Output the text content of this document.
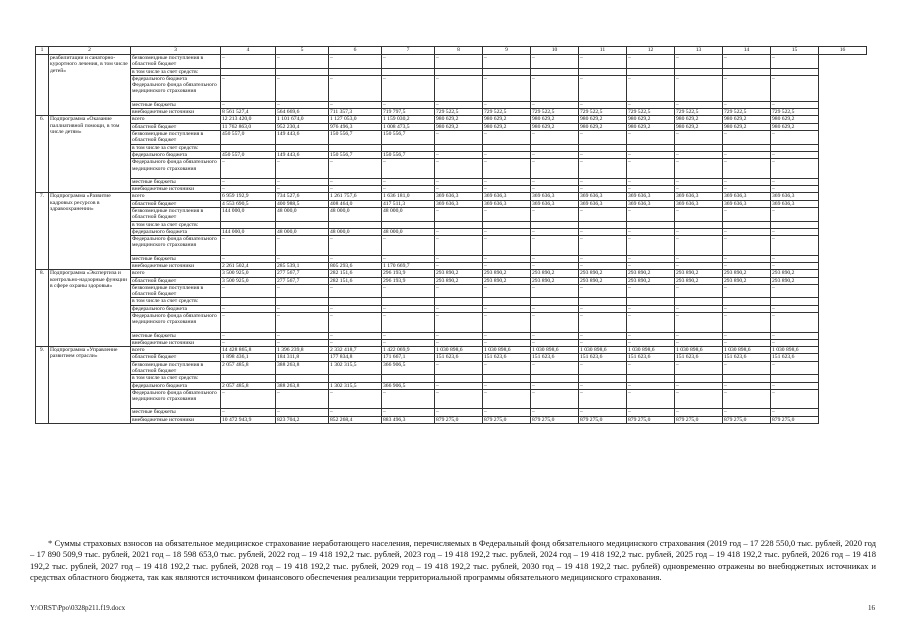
1	2	3	4	5	6	7	8	9	10	11	12	13	14	15	16
	реабилитации и санаторно-курортного лечения, в том числе детей»	безвозмездные поступления в областной бюджет	–	–	–	–	–	–	–	–	–	–	–	–	
		в том числе за счет средств:													
		федерального бюджета Федерального фонда обязательного медицинского страхования	–	–	–	–	–	–	–	–	–	–	–	–	
		местные бюджеты	–	–	–	–	–	–	–	–	–	–	–	–	
		внебюджетные источники	8 561 527,4	564 669,6	711 357,3	719 797,5	729 522,5	729 522,5	729 522,5	729 522,5	729 522,5	729 522,5	729 522,5	729 522,5	
6.	Подпрограмма «Оказание паллиативной помощи, в том числе детям»	всего	12 213 420,0	1 101 674,0	1 127 053,0	1 159 030,2	980 629,2	980 629,2	980 629,2	980 629,2	980 629,2	980 629,2	980 629,2	980 629,2	
		областной бюджет	11 762 863,0	952 230,4	976 496,3	1 008 473,5	980 629,2	980 629,2	980 629,2	980 629,2	980 629,2	980 629,2	980 629,2	980 629,2	
		безвозмездные поступления в областной бюджет	450 557,0	149 443,6	150 556,7	150 556,7	–	–	–	–	–	–	–	–	
		в том числе за счет средств:													
		федерального бюджета	450 557,0	149 443,6	150 556,7	150 556,7	–	–	–	–	–	–	–	–	
		Федерального фонда обязательного медицинского страхования	–	–	–	–	–	–	–	–	–	–	–	–	
		местные бюджеты	–	–	–	–	–	–	–	–	–	–	–	–	
		внебюджетные источники	–	–	–	–	–	–	–	–	–	–	–	–	
7.	Подпрограмма «Развитие кадровых ресурсов в здравоохранении»	всего	6 959 192,9	734 527,6	1 261 757,6	1 636 181,0	369 636,3	369 636,3	369 636,3	369 636,3	369 636,3	369 636,3	369 636,3	369 636,3	
		областной бюджет	4 553 690,5	400 988,5	408 464,0	417 511,3	369 636,3	369 636,3	369 636,3	369 636,3	369 636,3	369 636,3	369 636,3	369 636,3	
		безвозмездные поступления в областной бюджет	144 000,0	48 000,0	48 000,0	48 000,0	–	–	–	–	–	–	–	–	
		в том числе за счет средств:													
		федерального бюджета	144 000,0	48 000,0	48 000,0	48 000,0	–	–	–	–	–	–	–	–	
		Федерального фонда обязательного медицинского страхования	–	–	–	–	–	–	–	–	–	–	–	–	
		местные бюджеты	–	–	–	–	–	–	–	–	–	–	–	–	
		внебюджетные источники	2 261 502,4	285 539,1	805 293,6	1 170 669,7	–	–	–	–	–	–	–	–	
8.	Подпрограмма «Экспертиза и контрольно-надзорные функции в сфере охраны здоровья»	всего	3 500 925,0	277 567,7	282 151,6	296 193,9	293 890,2	293 890,2	293 890,2	293 890,2	293 890,2	293 890,2	293 890,2	293 890,2	
		областной бюджет	3 500 925,0	277 567,7	282 151,6	296 193,9	293 890,2	293 890,2	293 890,2	293 890,2	293 890,2	293 890,2	293 890,2	293 890,2	
		безвозмездные поступления в областной бюджет	–	–	–	–	–	–	–	–	–	–	–	–	
		в том числе за счет средств:													
		федерального бюджета	–	–	–	–	–	–	–	–	–	–	–	–	
		Федерального фонда обязательного медицинского страхования	–	–	–	–	–	–	–	–	–	–	–	–	
		местные бюджеты	–	–	–	–	–	–	–	–	–	–	–	–	
		внебюджетные источники	–	–	–	–	–	–	–	–	–	–	–	–	
9.	Подпрограмма «Управление развитием отрасли»	всего	14 428 865,8	1 396 239,8	2 332 418,7	1 422 069,9	1 030 898,6	1 030 898,6	1 030 898,6	1 030 898,6	1 030 898,6	1 030 898,6	1 030 898,6	1 030 898,6	
		областной бюджет	1 898 436,1	184 311,8	177 834,8	171 667,1	151 623,6	151 623,6	151 623,6	151 623,6	151 623,6	151 623,6	151 623,6	151 623,6	
		безвозмездные поступления в областной бюджет	2 057 485,8	388 263,8	1 302 315,5	366 906,5	–	–	–	–	–	–	–	–	
		в том числе за счет средств:													
		федерального бюджета	2 057 485,8	388 263,8	1 302 315,5	366 906,5	–	–	–	–	–	–	–	–	
		Федерального фонда обязательного медицинского страхования	–	–	–	–	–	–	–	–	–	–	–	–	
		местные бюджеты	–	–	–	–	–	–	–	–	–	–	–	–	
		внебюджетные источники	10 472 943,9	823 704,2	852 268,4	883 496,3	879 275,0	879 275,0	879 275,0	879 275,0	879 275,0	879 275,0	879 275,0	879 275,0	

* Суммы страховых взносов на обязательное медицинское страхование неработающего населения, перечисляемых в Федеральный фонд обязательного медицинского страхования (2019 год – 17 228 550,0 тыс. рублей, 2020 год – 17 890 509,9 тыс. рублей, 2021 год – 18 598 653,0 тыс. рублей, 2022 год – 19 418 192,2 тыс. рублей, 2023 год – 19 418 192,2 тыс. рублей, 2024 год – 19 418 192,2 тыс. рублей, 2025 год – 19 418 192,2 тыс. рублей, 2026 год – 19 418 192,2 тыс. рублей, 2027 год – 19 418 192,2 тыс. рублей, 2028 год – 19 418 192,2 тыс. рублей, 2029 год – 19 418 192,2 тыс. рублей, 2030 год – 19 418 192,2 тыс. рублей) одновременно отражены во внебюджетных источниках и средствах областного бюджета, так как являются источником финансового обеспечения реализации территориальной программы обязательного медицинского страхования.

Y:\ORST\Ppo\0328p211.f19.docx	16
